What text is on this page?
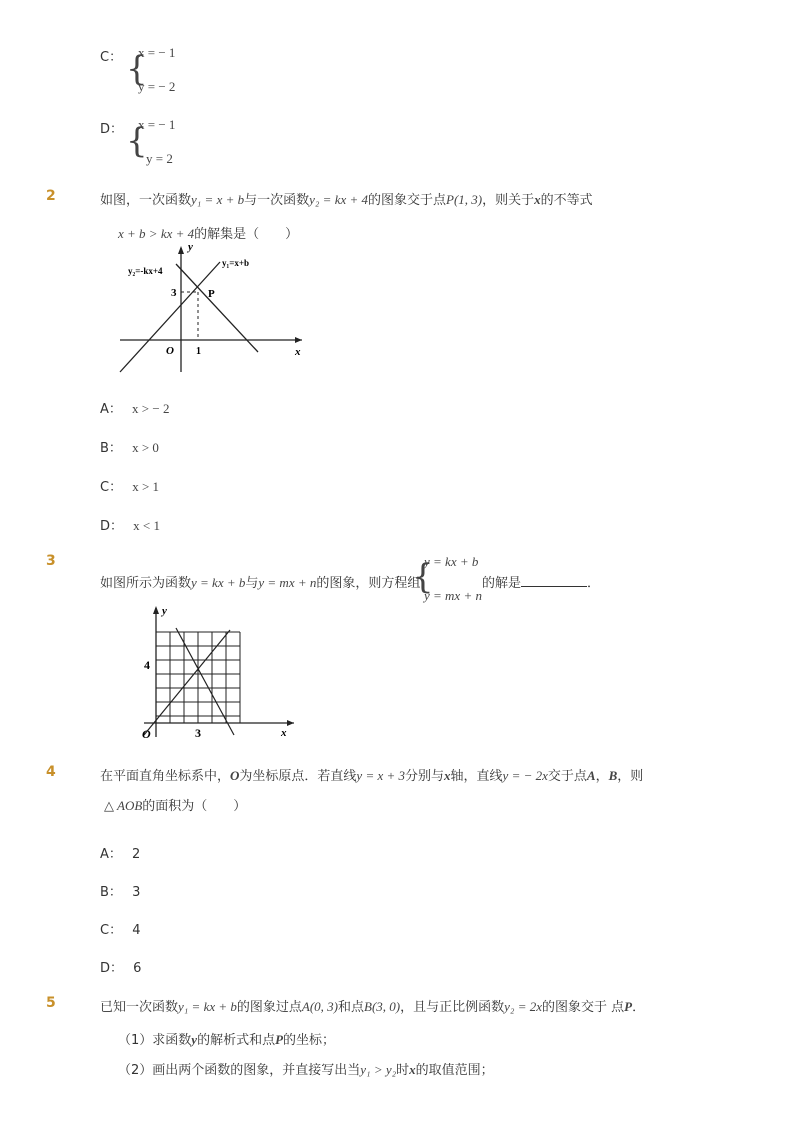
C： {
x = − 1
y = − 2
D： {
x = − 1
y = 2
2	如图，一次函数y₁ = x + b与一次函数y₂ = kx + 4的图象交于点P(1, 3)，则关于x的不等式
x + b > kx + 4的解集是（　　）
y₂=-kx+4
y₁=x+b
y
x
O
P
3
1
A： x > − 2
B： x > 0
C： x > 1
D： x < 1
3
如图所示为函数y = kx + b与y = mx + n的图象，则方程组
{
y = kx + b
y = mx + n
的解是	．
y
x
O
4
3
4	在平面直角坐标系中，O为坐标原点．若直线y = x + 3分别与x轴，直线y = − 2x交于点A，B，则
△ AOB的面积为（　　）
A： 2
B： 3
C： 4
D： 6
5	已知一次函数y₁ = kx + b的图象过点A(0, 3)和点B(3, 0)，且与正比例函数y₂ = 2x的图象交于 点P．
（1）求函数y的解析式和点P的坐标；
（2）画出两个函数的图象，并直接写出当y₁ > y₂时x的取值范围；
